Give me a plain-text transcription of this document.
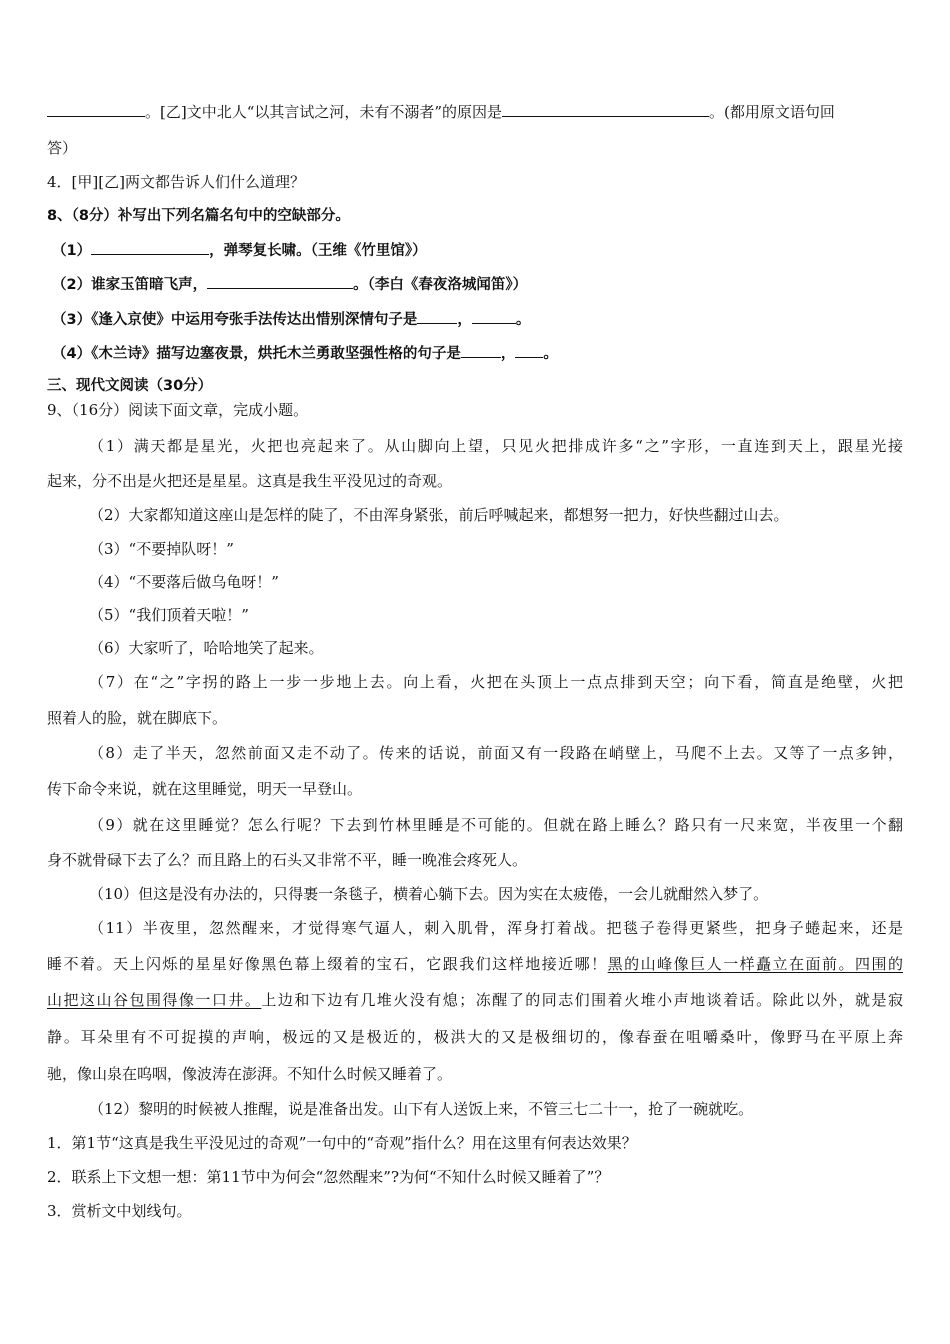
。[乙]文中北人“以其言试之河，未有不溺者”的原因是	。(都用原文语句回
答）
4．[甲][乙]两文都告诉人们什么道理？
8、（8分）补写出下列名篇名句中的空缺部分。
（1）	，弹琴复长啸。（王维《竹里馆》）
（2）谁家玉笛暗飞声，	。（李白《春夜洛城闻笛》）
（3）《逢入京使》中运用夸张手法传达出惜别深情句子是	，	。
（4）《木兰诗》描写边塞夜景，烘托木兰勇敢坚强性格的句子是	， 。
三、现代文阅读（30分）
9、（16分）阅读下面文章，完成小题。
（1）满天都是星光，火把也亮起来了。从山脚向上望，只见火把排成许多“之”字形，一直连到天上，跟星光接
起来，分不出是火把还是星星。这真是我生平没见过的奇观。
（2）大家都知道这座山是怎样的陡了，不由浑身紧张，前后呼喊起来，都想努一把力，好快些翻过山去。
（3）“不要掉队呀！”
（4）“不要落后做乌龟呀！”
（5）“我们顶着天啦！”
（6）大家听了，哈哈地笑了起来。
（7）在“之”字拐的路上一步一步地上去。向上看，火把在头顶上一点点排到天空；向下看，简直是绝壁，火把
照着人的脸，就在脚底下。
（8）走了半天，忽然前面又走不动了。传来的话说，前面又有一段路在峭壁上，马爬不上去。又等了一点多钟，
传下命令来说，就在这里睡觉，明天一早登山。
（9）就在这里睡觉？怎么行呢？下去到竹林里睡是不可能的。但就在路上睡么？路只有一尺来宽，半夜里一个翻
身不就骨碌下去了么？而且路上的石头又非常不平，睡一晚准会疼死人。
（10）但这是没有办法的，只得裹一条毯子，横着心躺下去。因为实在太疲倦，一会儿就酣然入梦了。
（11）半夜里，忽然醒来，才觉得寒气逼人，刺入肌骨，浑身打着战。把毯子卷得更紧些，把身子蜷起来，还是
睡不着。天上闪烁的星星好像黑色幕上缀着的宝石，它跟我们这样地接近哪！黑的山峰像巨人一样矗立在面前。四围的
山把这山谷包围得像一口井。上边和下边有几堆火没有熄；冻醒了的同志们围着火堆小声地谈着话。除此以外，就是寂
静。耳朵里有不可捉摸的声响，极远的又是极近的，极洪大的又是极细切的，像春蚕在咀嚼桑叶，像野马在平原上奔
驰，像山泉在呜咽，像波涛在澎湃。不知什么时候又睡着了。
（12）黎明的时候被人推醒，说是准备出发。山下有人送饭上来，不管三七二十一，抢了一碗就吃。
1．第1节“这真是我生平没见过的奇观”一句中的“奇观”指什么？用在这里有何表达效果？
2．联系上下文想一想：第11节中为何会“忽然醒来”?为何“不知什么时候又睡着了”？
3．赏析文中划线句。
